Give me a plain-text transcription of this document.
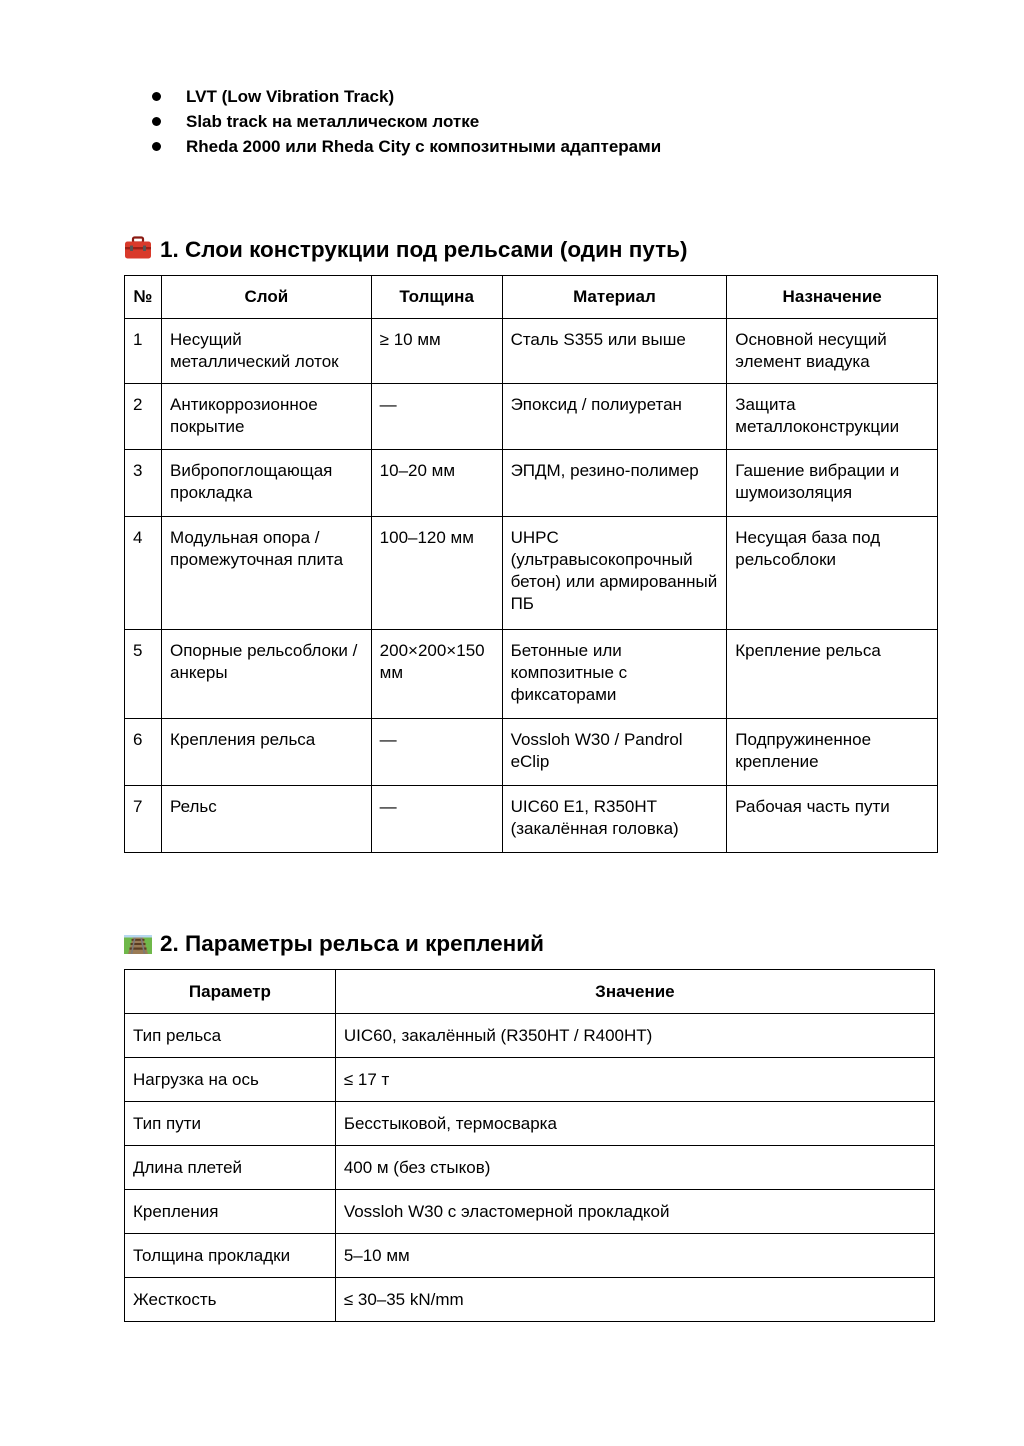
LVT (Low Vibration Track)
Slab track на металлическом лотке
Rheda 2000 или Rheda City с композитными адаптерами
1. Слои конструкции под рельсами (один путь)
№	Слой	Толщина	Материал	Назначение
1	Несущий металлический лоток	≥ 10 мм	Сталь S355 или выше	Основной несущий элемент виадука
2	Антикоррозионное покрытие	—	Эпоксид / полиуретан	Защита металлоконструкции
3	Вибропоглощающая прокладка	10–20 мм	ЭПДМ, резино-полимер	Гашение вибрации и шумоизоляция
4	Модульная опора / промежуточная плита	100–120 мм	UHPC (ультравысокопрочный бетон) или армированный ПБ	Несущая база под рельсоблоки
5	Опорные рельсоблоки / анкеры	200×200×150 мм	Бетонные или композитные с фиксаторами	Крепление рельса
6	Крепления рельса	—	Vossloh W30 / Pandrol eClip	Подпружиненное крепление
7	Рельс	—	UIC60 E1, R350HT (закалённая головка)	Рабочая часть пути
2. Параметры рельса и креплений
Параметр	Значение
Тип рельса	UIC60, закалённый (R350HT / R400HT)
Нагрузка на ось	≤ 17 т
Тип пути	Бесстыковой, термосварка
Длина плетей	400 м (без стыков)
Крепления	Vossloh W30 с эластомерной прокладкой
Толщина прокладки	5–10 мм
Жесткость	≤ 30–35 kN/mm
